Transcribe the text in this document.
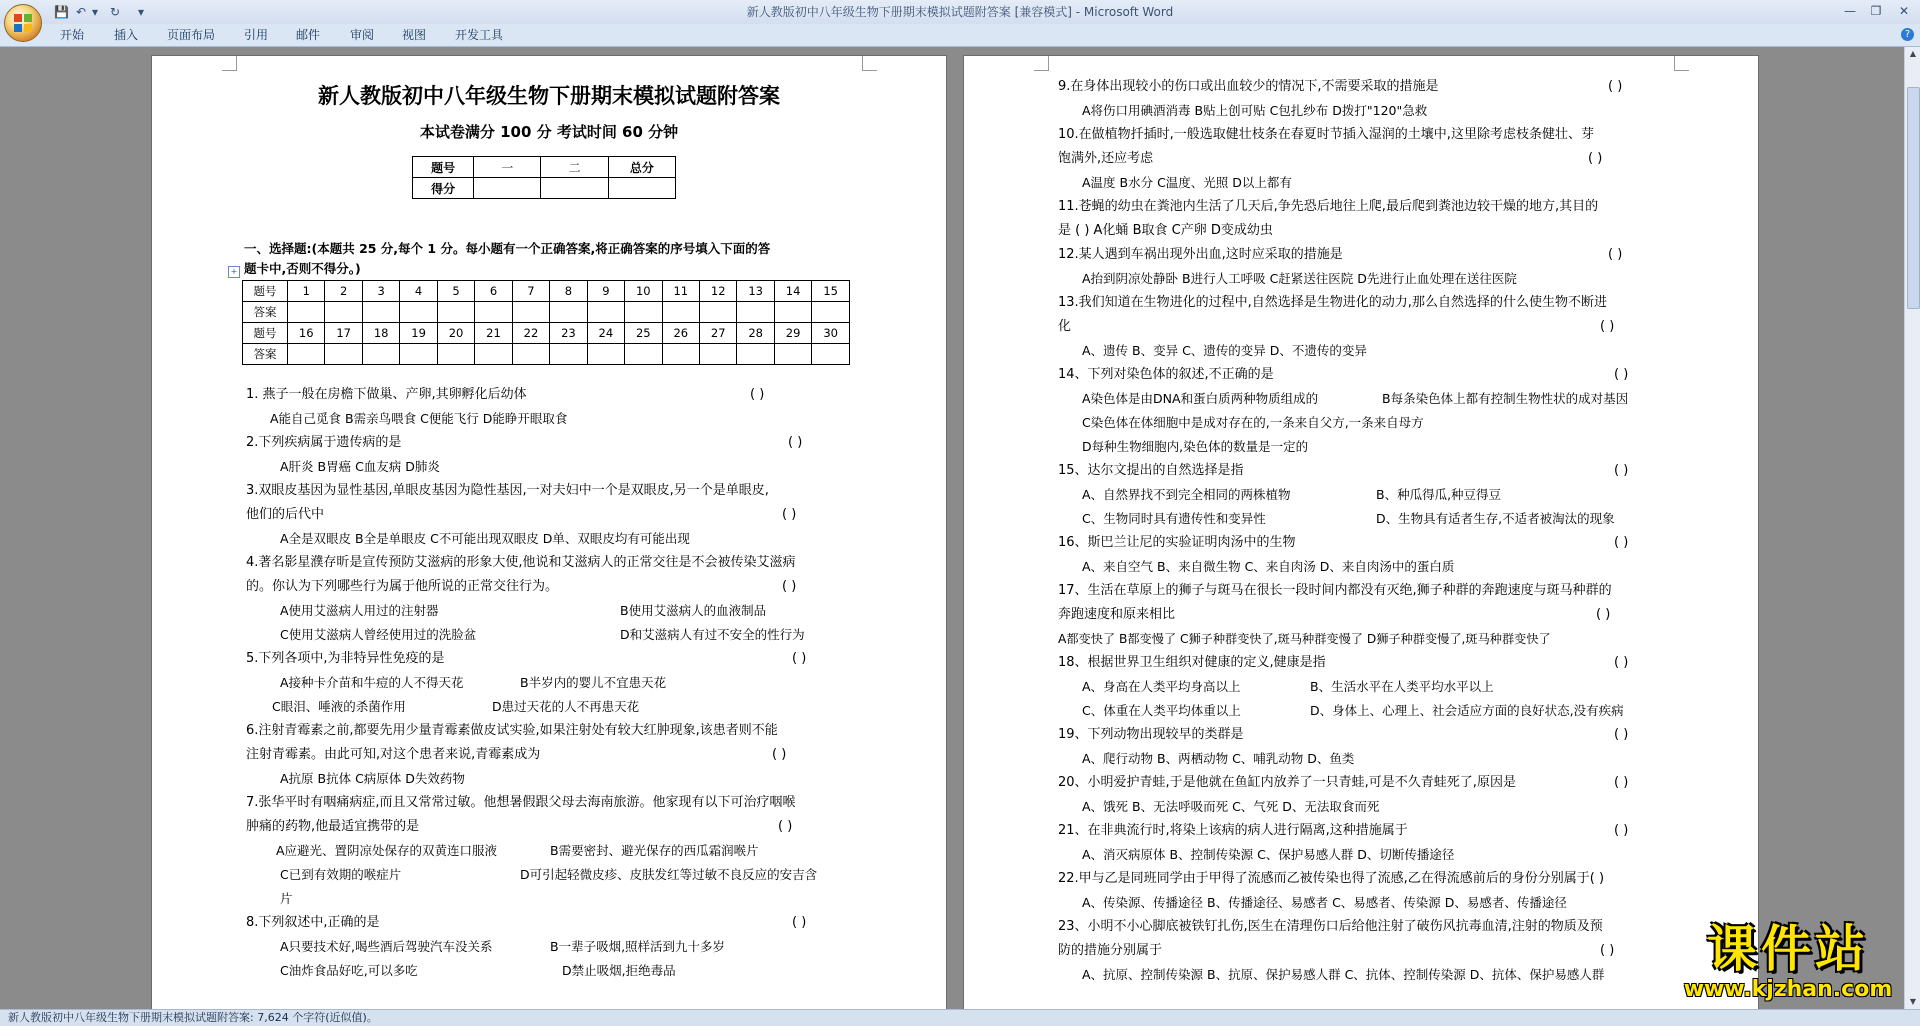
💾 ↶ ▾ ↻ ▾	新人教版初中八年级生物下册期末模拟试题附答案 [兼容模式] - Microsoft Word	—	❐	✕
开始 插入 页面布局 引用 邮件 审阅 视图 开发工具	?
新人教版初中八年级生物下册期末模拟试题附答案
本试卷满分 100 分 考试时间 60 分钟
题号	一	二	总分
得分			
一、选择题:(本题共 25 分,每个 1 分。每小题有一个正确答案,将正确答案的序号填入下面的答
题卡中,否则不得分。)
+
题号	1	2	3	4	5	6	7	8	9	10	11	12	13	14	15
答案															
题号	16	17	18	19	20	21	22	23	24	25	26	27	28	29	30
答案															
1. 燕子一般在房檐下做巢、产卵,其卵孵化后幼体	( )
A能自己觅食 B需亲鸟喂食 C便能飞行 D能睁开眼取食
2.下列疾病属于遗传病的是	( )
A肝炎 B胃癌 C血友病 D肺炎
3.双眼皮基因为显性基因,单眼皮基因为隐性基因,一对夫妇中一个是双眼皮,另一个是单眼皮,
他们的后代中	( )
A全是双眼皮 B全是单眼皮 C不可能出现双眼皮 D单、双眼皮均有可能出现
4.著名影星濮存昕是宣传预防艾滋病的形象大使,他说和艾滋病人的正常交往是不会被传染艾滋病
的。你认为下列哪些行为属于他所说的正常交往行为。	( )
A使用艾滋病人用过的注射器	B使用艾滋病人的血液制品
C使用艾滋病人曾经使用过的洗脸盆	D和艾滋病人有过不安全的性行为
5.下列各项中,为非特异性免疫的是	( )
A接种卡介苗和牛痘的人不得天花	B半岁内的婴儿不宜患天花
C眼泪、唾液的杀菌作用	D患过天花的人不再患天花
6.注射青霉素之前,都要先用少量青霉素做皮试实验,如果注射处有较大红肿现象,该患者则不能
注射青霉素。由此可知,对这个患者来说,青霉素成为	( )
A抗原 B抗体 C病原体 D失效药物
7.张华平时有咽痛病症,而且又常常过敏。他想暑假跟父母去海南旅游。他家现有以下可治疗咽喉
肿痛的药物,他最适宜携带的是	( )
A应避光、置阴凉处保存的双黄连口服液	B需要密封、避光保存的西瓜霜润喉片
C已到有效期的喉症片	D可引起轻微皮疹、皮肤发红等过敏不良反应的安吉含
片
8.下列叙述中,正确的是	( )
A只要技术好,喝些酒后驾驶汽车没关系	B一辈子吸烟,照样活到九十多岁
C油炸食品好吃,可以多吃	D禁止吸烟,拒绝毒品
9.在身体出现较小的伤口或出血较少的情况下,不需要采取的措施是	( )
A将伤口用碘酒消毒 B贴上创可贴 C包扎纱布 D拨打"120"急救
10.在做植物扦插时,一般选取健壮枝条在春夏时节插入湿润的土壤中,这里除考虑枝条健壮、芽
饱满外,还应考虑	( )
A温度 B水分 C温度、光照 D以上都有
11.苍蝇的幼虫在粪池内生活了几天后,争先恐后地往上爬,最后爬到粪池边较干燥的地方,其目的
是 ( ) A化蛹 B取食 C产卵 D变成幼虫
12.某人遇到车祸出现外出血,这时应采取的措施是	( )
A抬到阴凉处静卧 B进行人工呼吸 C赶紧送往医院 D先进行止血处理在送往医院
13.我们知道在生物进化的过程中,自然选择是生物进化的动力,那么自然选择的什么使生物不断进
化	( )
A、遗传 B、变异 C、遗传的变异 D、不遗传的变异
14、下列对染色体的叙述,不正确的是	( )
A染色体是由DNA和蛋白质两种物质组成的	B每条染色体上都有控制生物性状的成对基因
C染色体在体细胞中是成对存在的,一条来自父方,一条来自母方
D每种生物细胞内,染色体的数量是一定的
15、达尔文提出的自然选择是指	( )
A、自然界找不到完全相同的两株植物	B、种瓜得瓜,种豆得豆
C、生物同时具有遗传性和变异性	D、生物具有适者生存,不适者被淘汰的现象
16、斯巴兰让尼的实验证明肉汤中的生物	( )
A、来自空气 B、来自微生物 C、来自肉汤 D、来自肉汤中的蛋白质
17、生活在草原上的狮子与斑马在很长一段时间内都没有灭绝,狮子种群的奔跑速度与斑马种群的
奔跑速度和原来相比	( )
A都变快了 B都变慢了 C狮子种群变快了,斑马种群变慢了 D狮子种群变慢了,斑马种群变快了
18、根据世界卫生组织对健康的定义,健康是指	( )
A、身高在人类平均身高以上	B、生活水平在人类平均水平以上
C、体重在人类平均体重以上	D、身体上、心理上、社会适应方面的良好状态,没有疾病
19、下列动物出现较早的类群是	( )
A、爬行动物 B、两栖动物 C、哺乳动物 D、鱼类
20、小明爱护青蛙,于是他就在鱼缸内放养了一只青蛙,可是不久青蛙死了,原因是	( )
A、饿死 B、无法呼吸而死 C、气死 D、无法取食而死
21、在非典流行时,将染上该病的病人进行隔离,这种措施属于	( )
A、消灭病原体 B、控制传染源 C、保护易感人群 D、切断传播途径
22.甲与乙是同班同学由于甲得了流感而乙被传染也得了流感,乙在得流感前后的身份分别属于( )
A、传染源、传播途径 B、传播途径、易感者 C、易感者、传染源 D、易感者、传播途径
23、小明不小心脚底被铁钉扎伤,医生在清理伤口后给他注射了破伤风抗毒血清,注射的物质及预
防的措施分别属于	( )
A、抗原、控制传染源 B、抗原、保护易感人群 C、抗体、控制传染源 D、抗体、保护易感人群
▲
▼
新人教版初中八年级生物下册期末模拟试题附答案: 7,624 个字符(近似值)。
课件站
www.kjzhan.com
